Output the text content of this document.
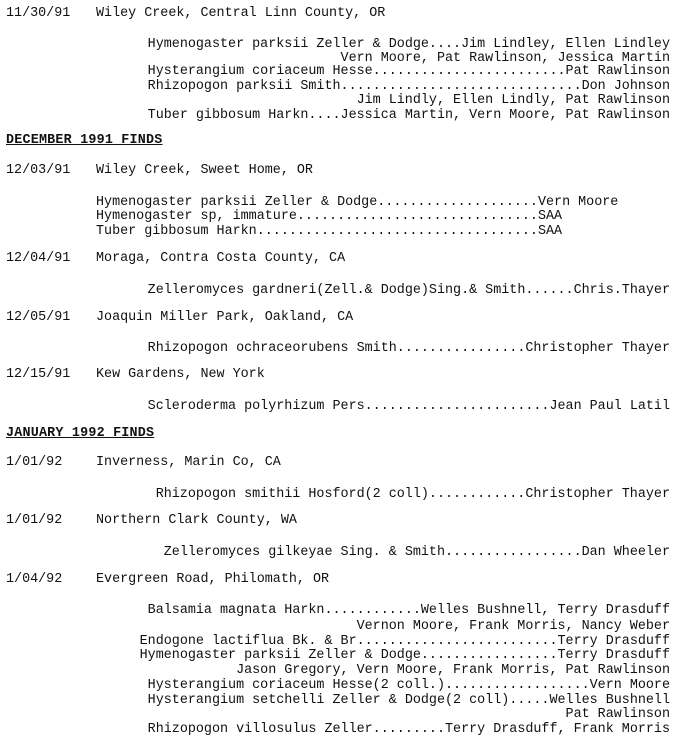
11/30/91 Wiley Creek, Central Linn County, OR
Hymenogaster parksii Zeller & Dodge....Jim Lindley, Ellen Lindley
Vern Moore, Pat Rawlinson, Jessica Martin
Hysterangium coriaceum Hesse........................Pat Rawlinson
Rhizopogon parksii Smith..............................Don Johnson
Jim Lindly, Ellen Lindly, Pat Rawlinson
Tuber gibbosum Harkn....Jessica Martin, Vern Moore, Pat Rawlinson
DECEMBER 1991 FINDS
12/03/91 Wiley Creek, Sweet Home, OR
Hymenogaster parksii Zeller & Dodge....................Vern Moore
Hymenogaster sp, immature..............................SAA
Tuber gibbosum Harkn...................................SAA
12/04/91 Moraga, Contra Costa County, CA
Zelleromyces gardneri(Zell.& Dodge)Sing.& Smith......Chris.Thayer
12/05/91 Joaquin Miller Park, Oakland, CA
Rhizopogon ochraceorubens Smith................Christopher Thayer
12/15/91 Kew Gardens, New York
Scleroderma polyrhizum Pers.......................Jean Paul Latil
JANUARY 1992 FINDS
1/01/92	Inverness, Marin Co, CA
Rhizopogon smithii Hosford(2 coll)............Christopher Thayer
1/01/92	Northern Clark County, WA
Zelleromyces gilkeyae Sing. & Smith.................Dan Wheeler
1/04/92	Evergreen Road, Philomath, OR
Balsamia magnata Harkn............Welles Bushnell, Terry Drasduff
Vernon Moore, Frank Morris, Nancy Weber
Endogone lactiflua Bk. & Br.........................Terry Drasduff
Hymenogaster parksii Zeller & Dodge.................Terry Drasduff
Jason Gregory, Vern Moore, Frank Morris, Pat Rawlinson
Hysterangium coriaceum Hesse(2 coll.)..................Vern Moore
Hysterangium setchelli Zeller & Dodge(2 coll).....Welles Bushnell
Pat Rawlinson
Rhizopogon villosulus Zeller.........Terry Drasduff, Frank Morris
